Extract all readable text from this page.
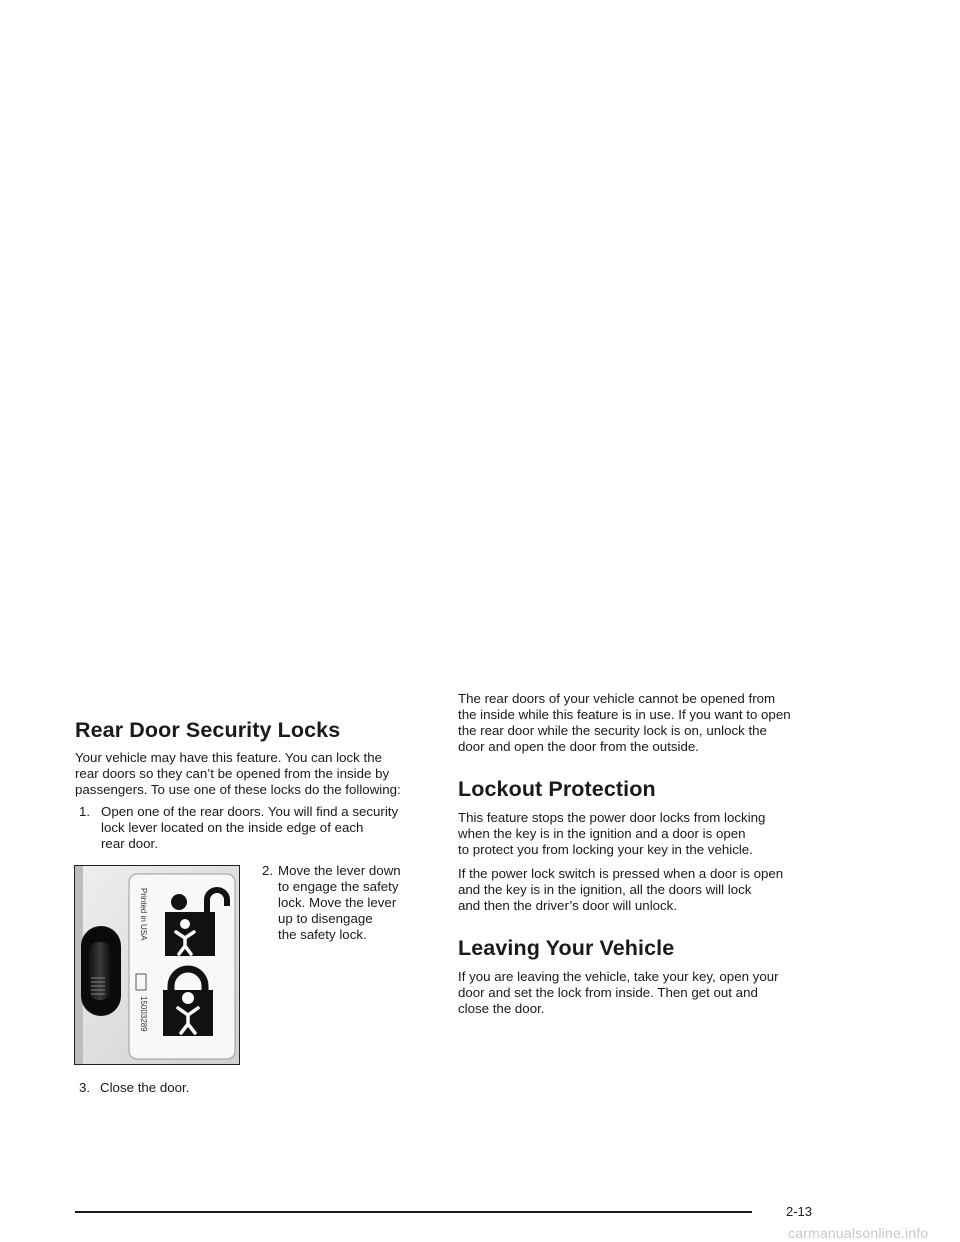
Rear Door Security Locks

Your vehicle may have this feature. You can lock the
rear doors so they can’t be opened from the inside by
passengers. To use one of these locks do the following:

1. Open one of the rear doors. You will find a security
lock lever located on the inside edge of each
rear door.
Printed in USA
15003289
2. Move the lever down
to engage the safety
lock. Move the lever
up to disengage
the safety lock.
3. Close the door.

The rear doors of your vehicle cannot be opened from
the inside while this feature is in use. If you want to open
the rear door while the security lock is on, unlock the
door and open the door from the outside.

Lockout Protection

This feature stops the power door locks from locking
when the key is in the ignition and a door is open
to protect you from locking your key in the vehicle.

If the power lock switch is pressed when a door is open
and the key is in the ignition, all the doors will lock
and then the driver’s door will unlock.

Leaving Your Vehicle

If you are leaving the vehicle, take your key, open your
door and set the lock from inside. Then get out and
close the door.

2-13
carmanualsonline.info
